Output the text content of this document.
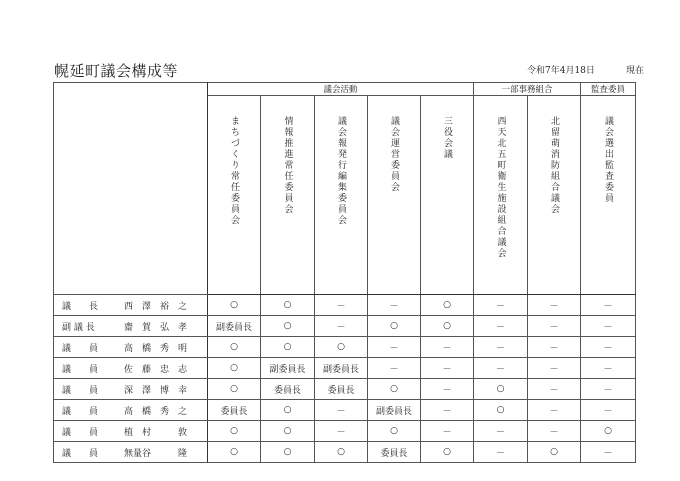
幌延町議会構成等	令和7年4月18日	現在
	議会活動					一部事務組合		監査委員
	まちづくり常任委員会	情報推進常任委員会	議会報発行編集委員会	議会運営委員会	三役会議	西天北五町衛生施設組合議会	北留萌消防組合議会	議会選出監査委員
議　　長 西　澤　裕　之	○	○	－	－	○	－	－	－
副 議 長 齋　賀　弘　孝	副委員長	○	－	○	○	－	－	－
議　　員 高　橋　秀　明	○	○	○	－	－	－	－	－
議　　員 佐　藤　忠　志	○	副委員長	副委員長	－	－	－	－	－
議　　員 深　澤　博　幸	○	委員長	委員長	○	－	○	－	－
議　　員 高　橋　秀　之	委員長	○	－	副委員長	－	○	－	－
議　　員 植　村　　　敦	○	○	－	○	－	－	－	○
議　　員 無量谷　　　隆	○	○	○	委員長	○	－	○	－
